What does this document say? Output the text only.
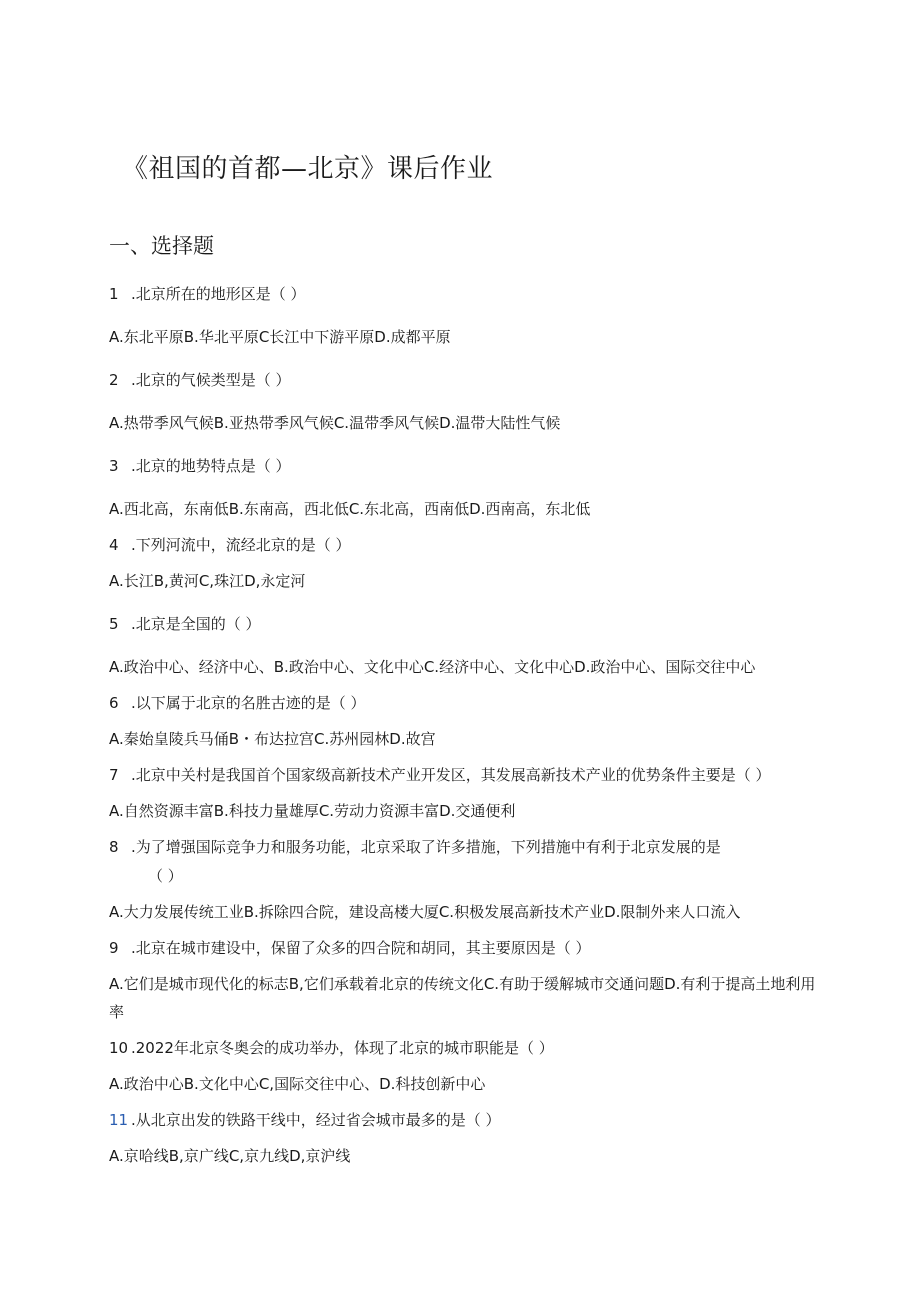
《祖国的首都—北京》课后作业
一、选择题
1 .北京所在的地形区是（ ）
A.东北平原B.华北平原C长江中下游平原D.成都平原
2 .北京的气候类型是（ ）
A.热带季风气候B.亚热带季风气候C.温带季风气候D.温带大陆性气候
3 .北京的地势特点是（ ）
A.西北高，东南低B.东南高，西北低C.东北高，西南低D.西南高，东北低
4 .下列河流中，流经北京的是（ ）
A.长江B,黄河C,珠江D,永定河
5 .北京是全国的（ ）
A.政治中心、经济中心、B.政治中心、文化中心C.经济中心、文化中心D.政治中心、国际交往中心
6 .以下属于北京的名胜古迹的是（ ）
A.秦始皇陵兵马俑B・布达拉宫C.苏州园林D.故宫
7 .北京中关村是我国首个国家级高新技术产业开发区，其发展高新技术产业的优势条件主要是（ ）
A.自然资源丰富B.科技力量雄厚C.劳动力资源丰富D.交通便利
8 .为了增强国际竞争力和服务功能，北京采取了许多措施，下列措施中有利于北京发展的是
（ ）
A.大力发展传统工业B.拆除四合院，建设高楼大厦C.积极发展高新技术产业D.限制外来人口流入
9 .北京在城市建设中，保留了众多的四合院和胡同，其主要原因是（ ）
A.它们是城市现代化的标志B,它们承载着北京的传统文化C.有助于缓解城市交通问题D.有利于提高土地利用率
10 .2022年北京冬奥会的成功举办，体现了北京的城市职能是（ ）
A.政治中心B.文化中心C,国际交往中心、D.科技创新中心
11 .从北京出发的铁路干线中，经过省会城市最多的是（ ）
A.京哈线B,京广线C,京九线D,京沪线
